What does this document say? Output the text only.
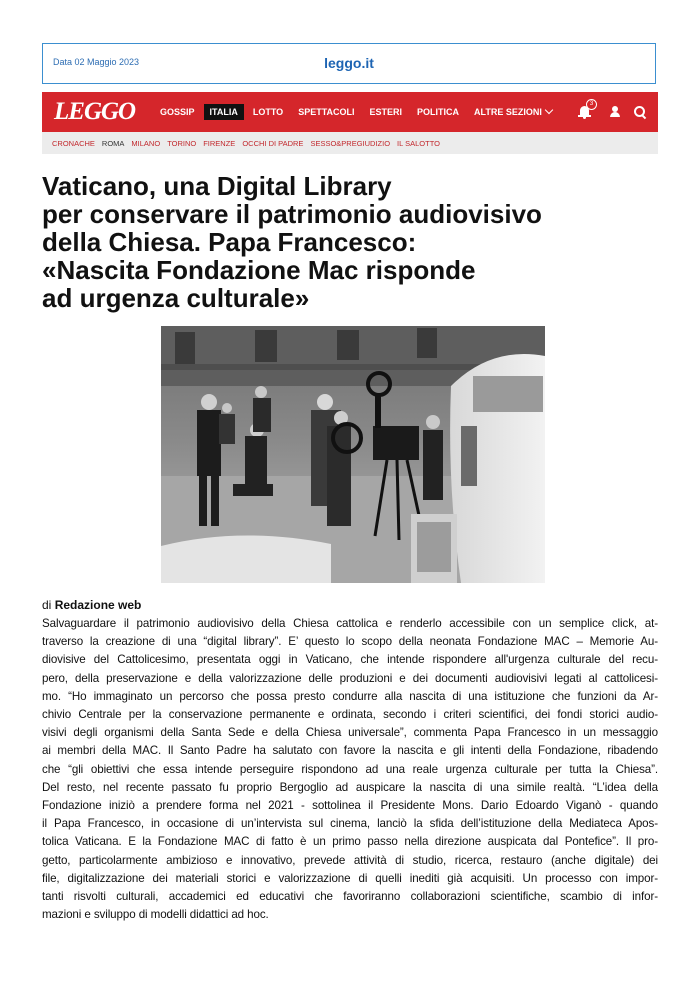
Data 02 Maggio 2023	leggo.it
LEGGO	GOSSIP	ITALIA	LOTTO	SPETTACOLI	ESTERI	POLITICA	ALTRE SEZIONI
3
CRONACHE ROMA MILANO TORINO FIRENZE OCCHI DI PADRE SESSO&PREGIUDIZIO IL SALOTTO
Vaticano, una Digital Library
per conservare il patrimonio audiovisivo
della Chiesa. Papa Francesco:
«Nascita Fondazione Mac risponde
ad urgenza culturale»
di Redazione web
Salvaguardare il patrimonio audiovisivo della Chiesa cattolica e renderlo accessibile con un semplice click, at-
traverso la creazione di una “digital library”. E’ questo lo scopo della neonata Fondazione MAC – Memorie Au-
diovisive del Cattolicesimo, presentata oggi in Vaticano, che intende rispondere all'urgenza culturale del recu-
pero, della preservazione e della valorizzazione delle produzioni e dei documenti audiovisivi legati al cattolicesi-
mo. “Ho immaginato un percorso che possa presto condurre alla nascita di una istituzione che funzioni da Ar-
chivio Centrale per la conservazione permanente e ordinata, secondo i criteri scientifici, dei fondi storici audio-
visivi degli organismi della Santa Sede e della Chiesa universale”, commenta Papa Francesco in un messaggio
ai membri della MAC. Il Santo Padre ha salutato con favore la nascita e gli intenti della Fondazione, ribadendo
che “gli obiettivi che essa intende perseguire rispondono ad una reale urgenza culturale per tutta la Chiesa”.
Del resto, nel recente passato fu proprio Bergoglio ad auspicare la nascita di una simile realtà. “L’idea della
Fondazione iniziò a prendere forma nel 2021 - sottolinea il Presidente Mons. Dario Edoardo Viganò - quando
il Papa Francesco, in occasione di un’intervista sul cinema, lanciò la sfida dell’istituzione della Mediateca Apos-
tolica Vaticana. E la Fondazione MAC di fatto è un primo passo nella direzione auspicata dal Pontefice”. Il pro-
getto, particolarmente ambizioso e innovativo, prevede attività di studio, ricerca, restauro (anche digitale) dei
file, digitalizzazione dei materiali storici e valorizzazione di quelli inediti già acquisiti. Un processo con impor-
tanti risvolti culturali, accademici ed educativi che favoriranno collaborazioni scientifiche, scambio di infor-
mazioni e sviluppo di modelli didattici ad hoc.
